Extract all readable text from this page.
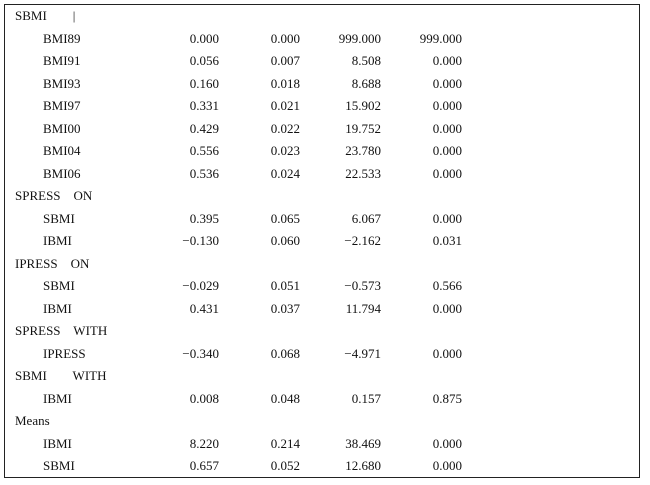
SBMI        |
BMI89	0.000	0.000	999.000	999.000
BMI91	0.056	0.007	8.508	0.000
BMI93	0.160	0.018	8.688	0.000
BMI97	0.331	0.021	15.902	0.000
BMI00	0.429	0.022	19.752	0.000
BMI04	0.556	0.023	23.780	0.000
BMI06	0.536	0.024	22.533	0.000
SPRESS    ON
SBMI	0.395	0.065	6.067	0.000
IBMI	−0.130	0.060	−2.162	0.031
IPRESS    ON
SBMI	−0.029	0.051	−0.573	0.566
IBMI	0.431	0.037	11.794	0.000
SPRESS    WITH
IPRESS	−0.340	0.068	−4.971	0.000
SBMI        WITH
IBMI	0.008	0.048	0.157	0.875
Means
IBMI	8.220	0.214	38.469	0.000
SBMI	0.657	0.052	12.680	0.000
